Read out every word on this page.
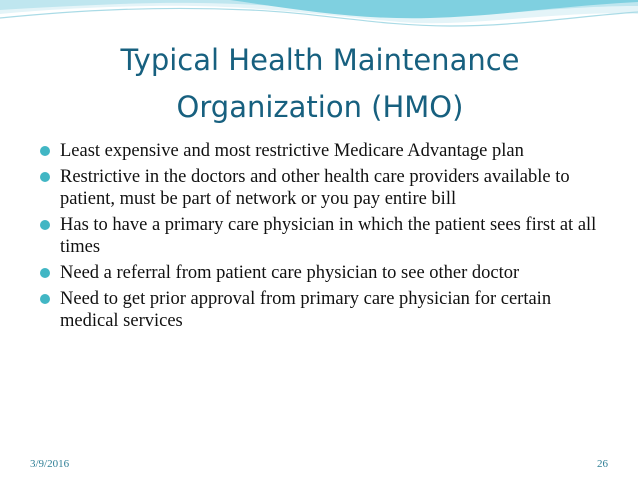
Typical Health Maintenance
Organization (HMO)
Least expensive and most restrictive Medicare Advantage plan
Restrictive in the doctors and other health care providers available to patient, must be part of network or you pay entire bill
Has to have a primary care physician in which the patient sees first at all times
Need a referral from patient care physician to see other doctor
Need to get prior approval from primary care physician for certain medical services
3/9/2016	26
